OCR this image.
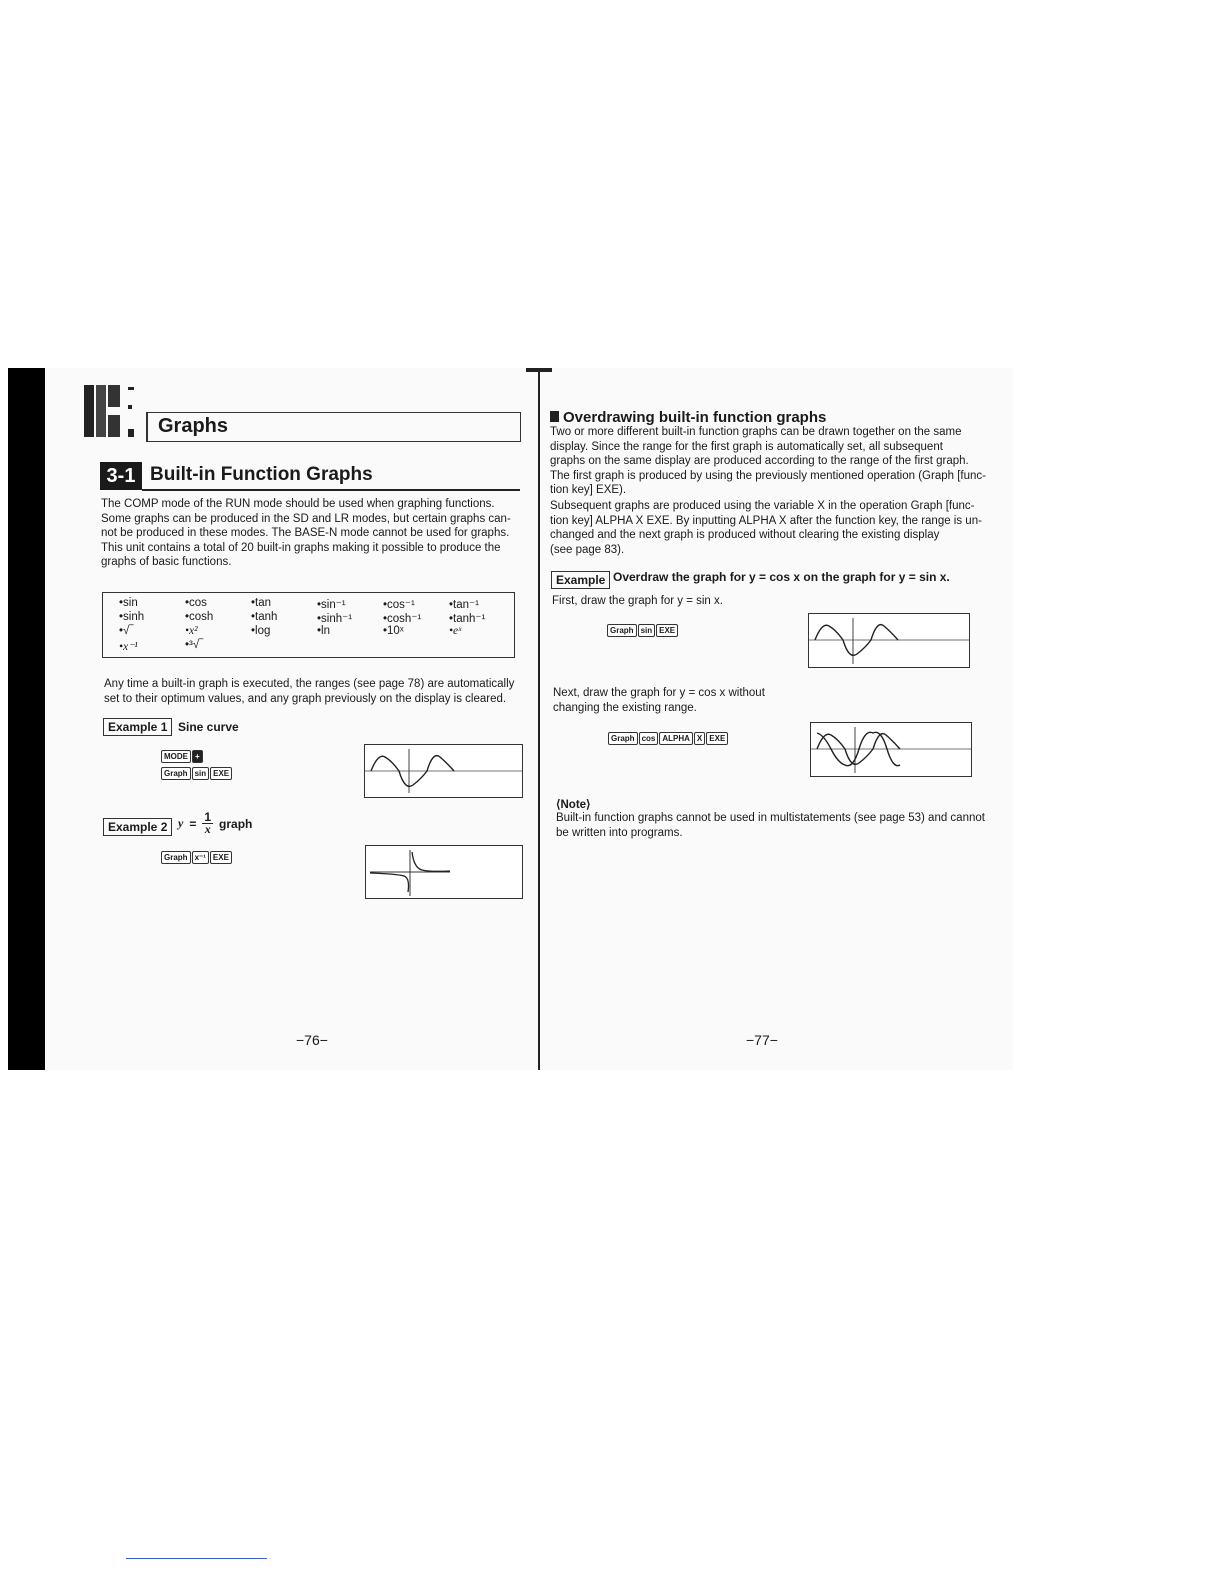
Graphs
3-1 Built-in Function Graphs
The COMP mode of the RUN mode should be used when graphing functions.
Some graphs can be produced in the SD and LR modes, but certain graphs can-
not be produced in these modes. The BASE-N mode cannot be used for graphs.
This unit contains a total of 20 built-in graphs making it possible to produce the
graphs of basic functions.
•sin	•cos	•tan	•sin⁻¹	•cos⁻¹	•tan⁻¹
•sinh	•cosh	•tanh	•sinh⁻¹	•cosh⁻¹ •tanh⁻¹
•√‾	•x²	•log	•ln	•10ˣ	•eˣ
•x⁻¹	•³√‾
Any time a built-in graph is executed, the ranges (see page 78) are automatically
set to their optimum values, and any graph previously on the display is cleared.
Example 1 Sine curve
MODE +
Graph sin EXE
Example 2 $y = \frac{1}{x}$ graph
Graph x⁻¹ EXE
−76−
Overdrawing built-in function graphs
Two or more different built-in function graphs can be drawn together on the same
display. Since the range for the first graph is automatically set, all subsequent
graphs on the same display are produced according to the range of the first graph.
The first graph is produced by using the previously mentioned operation (Graph [func-
tion key] EXE).
Subsequent graphs are produced using the variable X in the operation Graph [func-
tion key] ALPHA X EXE. By inputting ALPHA X after the function key, the range is un-
changed and the next graph is produced without clearing the existing display
(see page 83).
Example Overdraw the graph for y = cos x on the graph for y = sin x.
First, draw the graph for y = sin x.
Graph sin EXE
Next, draw the graph for y = cos x without
changing the existing range.
Graph cos ALPHA X EXE
⟨Note⟩
Built-in function graphs cannot be used in multistatements (see page 53) and cannot
be written into programs.
−77−
